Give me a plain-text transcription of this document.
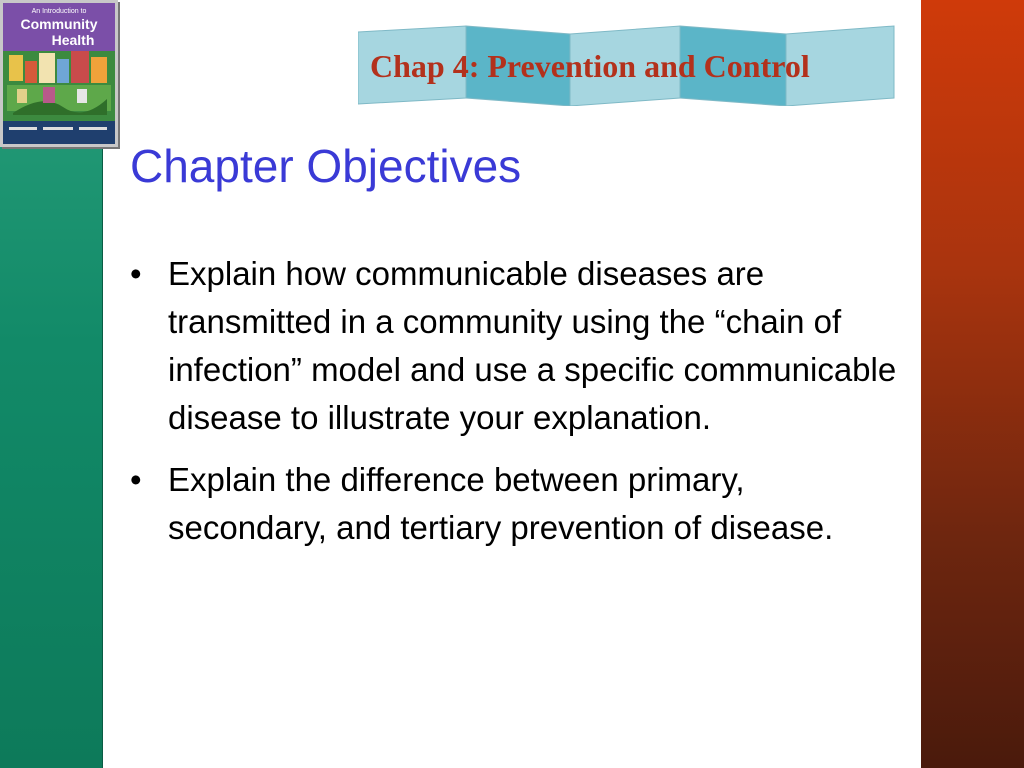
An Introduction to
Community
Health
Chap 4: Prevention and Control
Chapter Objectives
• Explain how communicable diseases are transmitted in a community using the “chain of infection” model and use a specific communicable disease to illustrate your explanation.
• Explain the difference between primary, secondary, and tertiary prevention of disease.
